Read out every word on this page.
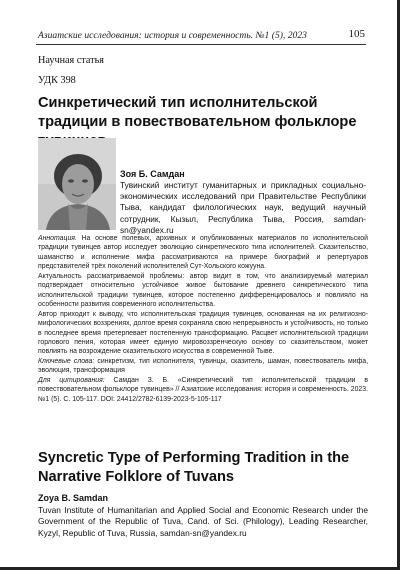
Азиатские исследования: история и современность. №1 (5), 2023	105
Научная статья
УДК 398
Синкретический тип исполнительской традиции в повествовательном фольклоре
Зоя Б. Самдан
Тувинский институт гуманитарных и прикладных социально-экономических исследований при Правительстве Республики Тыва, кандидат филологических наук, ведущий научный сотрудник, Кызыл, Республика Тыва, Россия, samdan-sn@yandex.ru

Аннотация. На основе полевых, архивных и опубликованных материалов по исполнительской традиции тувинцев автор исследует эволюцию синкретического типа исполнителей. Сказительство, шаманство и исполнение мифа рассматриваются на примере биографий и репертуаров представителей трёх поколений исполнителей Сут-Хольского кожууна.

Актуальность рассматриваемой проблемы: автор видит в том, что анализируемый материал подтверждает относительно устойчивое живое бытование древнего синкретического типа исполнительской традиции тувинцев, которое постепенно дифференцировалось и повлияло на особенности развития современного исполнительства.

Автор приходит к выводу, что исполнительская традиция тувинцев, основанная на их религиозно-мифологических воззрениях, долгое время сохраняла свою непрерывность и устойчивость, но только в последнее время претерпевает постепенную трансформацию. Расцвет исполнительской традиции горлового пения, которая имеет единую мировоззренческую основу со сказительством, может повлиять на возрождение сказительского искусства в современной Тыве.

Ключевые слова: синкретизм, тип исполнителя, тувинцы, сказитель, шаман, повествователь мифа, эволюция, трансформация

Для цитирования: Самдан З. Б. «Синкретический тип исполнительской традиции в повествовательном фольклоре тувинцев» // Азиатские исследования: история и современность. 2023. №1 (5). С. 105-117. DOI: 24412/2782-6139-2023-5-105-117

Syncretic Type of Performing Tradition in the Narrative Folklore of Tuvans
Zoya B. Samdan
Tuvan Institute of Humanitarian and Applied Social and Economic Research under the Government of the Republic of Tuva, Cand. of Sci. (Philology), Leading Researcher, Kyzyl, Republic of Tuva, Russia, samdan-sn@yandex.ru
